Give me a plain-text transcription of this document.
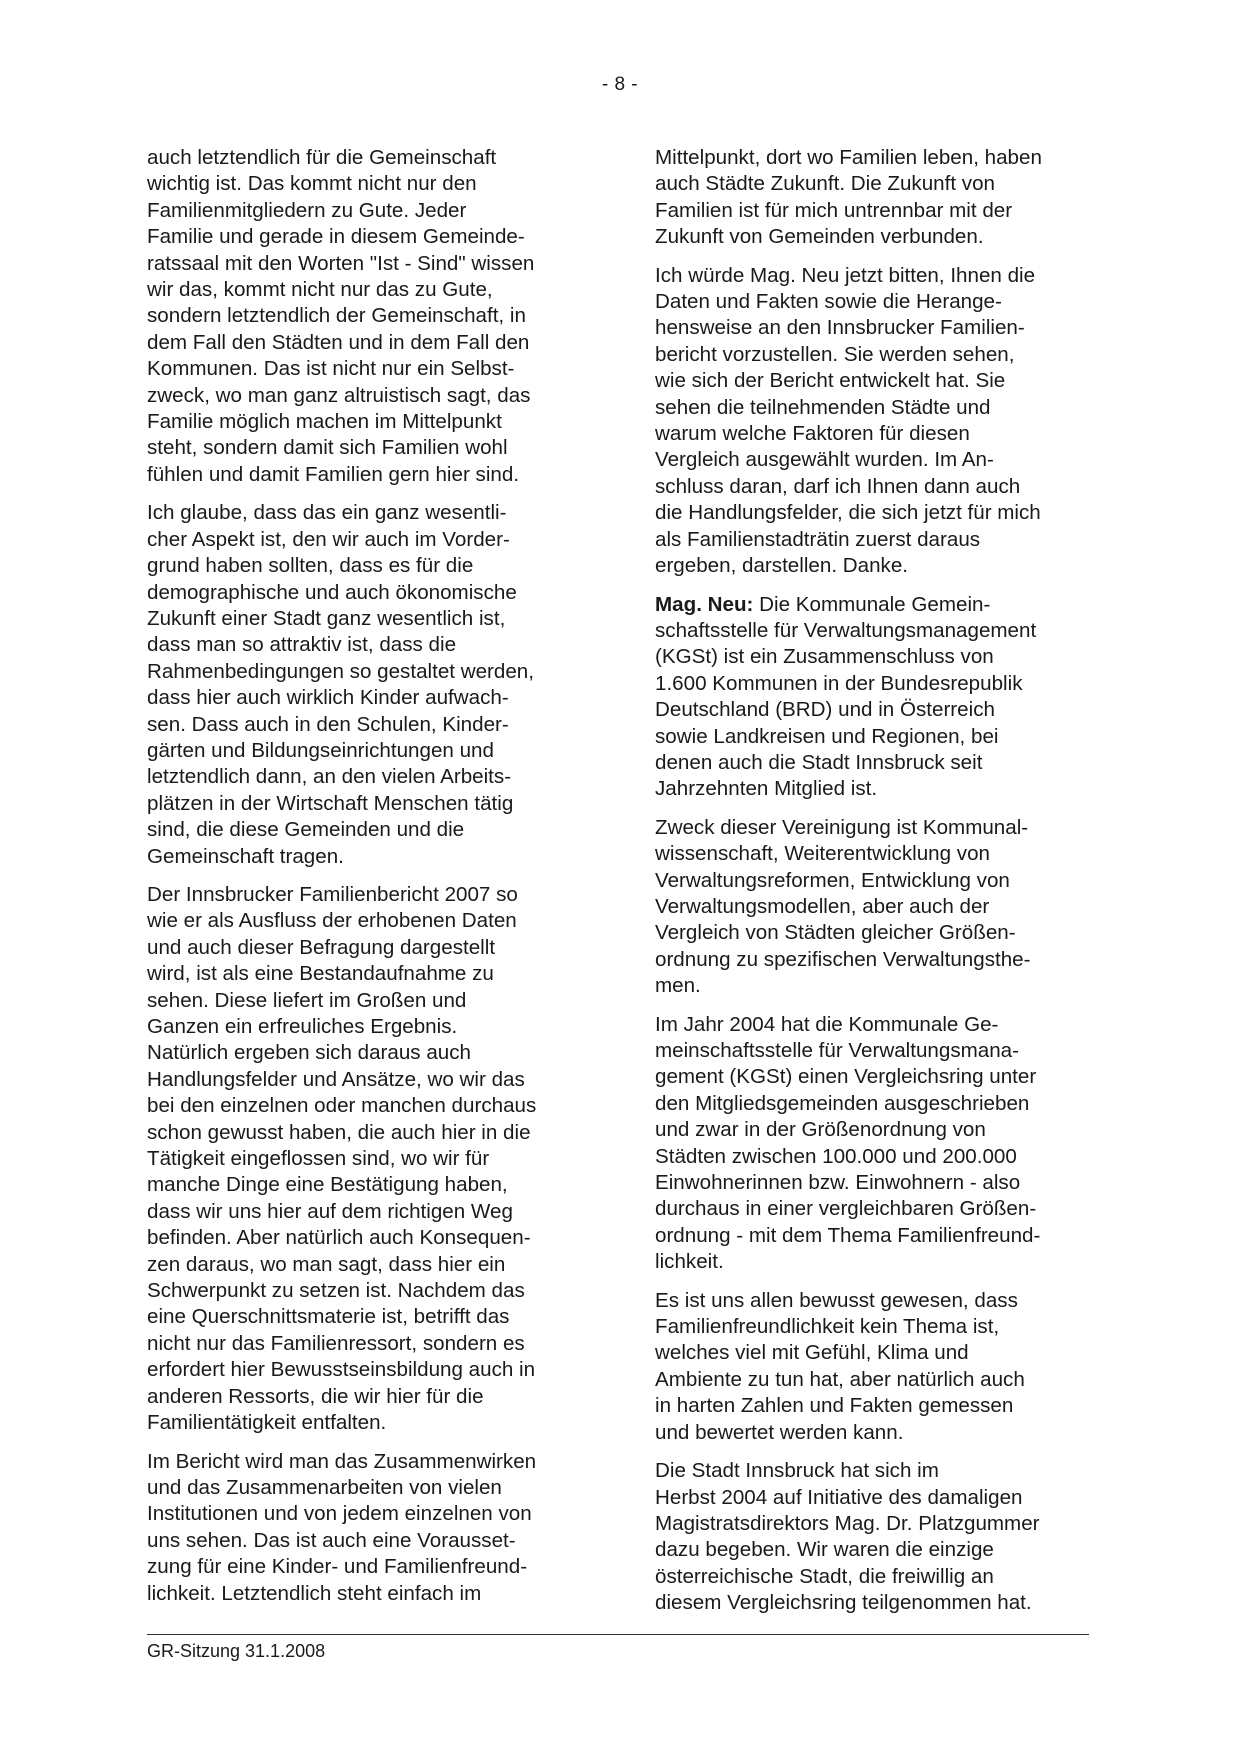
- 8 -

auch letztendlich für die Gemeinschaft
wichtig ist. Das kommt nicht nur den
Familienmitgliedern zu Gute. Jeder
Familie und gerade in diesem Gemeinde-
ratssaal mit den Worten "Ist - Sind" wissen
wir das, kommt nicht nur das zu Gute,
sondern letztendlich der Gemeinschaft, in
dem Fall den Städten und in dem Fall den
Kommunen. Das ist nicht nur ein Selbst-
zweck, wo man ganz altruistisch sagt, das
Familie möglich machen im Mittelpunkt
steht, sondern damit sich Familien wohl
fühlen und damit Familien gern hier sind.

Ich glaube, dass das ein ganz wesentli-
cher Aspekt ist, den wir auch im Vorder-
grund haben sollten, dass es für die
demographische und auch ökonomische
Zukunft einer Stadt ganz wesentlich ist,
dass man so attraktiv ist, dass die
Rahmenbedingungen so gestaltet werden,
dass hier auch wirklich Kinder aufwach-
sen. Dass auch in den Schulen, Kinder-
gärten und Bildungseinrichtungen und
letztendlich dann, an den vielen Arbeits-
plätzen in der Wirtschaft Menschen tätig
sind, die diese Gemeinden und die
Gemeinschaft tragen.

Der Innsbrucker Familienbericht 2007 so
wie er als Ausfluss der erhobenen Daten
und auch dieser Befragung dargestellt
wird, ist als eine Bestandaufnahme zu
sehen. Diese liefert im Großen und
Ganzen ein erfreuliches Ergebnis.
Natürlich ergeben sich daraus auch
Handlungsfelder und Ansätze, wo wir das
bei den einzelnen oder manchen durchaus
schon gewusst haben, die auch hier in die
Tätigkeit eingeflossen sind, wo wir für
manche Dinge eine Bestätigung haben,
dass wir uns hier auf dem richtigen Weg
befinden. Aber natürlich auch Konsequen-
zen daraus, wo man sagt, dass hier ein
Schwerpunkt zu setzen ist. Nachdem das
eine Querschnittsmaterie ist, betrifft das
nicht nur das Familienressort, sondern es
erfordert hier Bewusstseinsbildung auch in
anderen Ressorts, die wir hier für die
Familientätigkeit entfalten.

Im Bericht wird man das Zusammenwirken
und das Zusammenarbeiten von vielen
Institutionen und von jedem einzelnen von
uns sehen. Das ist auch eine Vorausset-
zung für eine Kinder- und Familienfreund-
lichkeit. Letztendlich steht einfach im

Mittelpunkt, dort wo Familien leben, haben
auch Städte Zukunft. Die Zukunft von
Familien ist für mich untrennbar mit der
Zukunft von Gemeinden verbunden.

Ich würde Mag. Neu jetzt bitten, Ihnen die
Daten und Fakten sowie die Herange-
hensweise an den Innsbrucker Familien-
bericht vorzustellen. Sie werden sehen,
wie sich der Bericht entwickelt hat. Sie
sehen die teilnehmenden Städte und
warum welche Faktoren für diesen
Vergleich ausgewählt wurden. Im An-
schluss daran, darf ich Ihnen dann auch
die Handlungsfelder, die sich jetzt für mich
als Familienstadträtin zuerst daraus
ergeben, darstellen. Danke.

Mag. Neu: Die Kommunale Gemein-
schaftsstelle für Verwaltungsmanagement
(KGSt) ist ein Zusammenschluss von
1.600 Kommunen in der Bundesrepublik
Deutschland (BRD) und in Österreich
sowie Landkreisen und Regionen, bei
denen auch die Stadt Innsbruck seit
Jahrzehnten Mitglied ist.

Zweck dieser Vereinigung ist Kommunal-
wissenschaft, Weiterentwicklung von
Verwaltungsreformen, Entwicklung von
Verwaltungsmodellen, aber auch der
Vergleich von Städten gleicher Größen-
ordnung zu spezifischen Verwaltungsthe-
men.

Im Jahr 2004 hat die Kommunale Ge-
meinschaftsstelle für Verwaltungsmana-
gement (KGSt) einen Vergleichsring unter
den Mitgliedsgemeinden ausgeschrieben
und zwar in der Größenordnung von
Städten zwischen 100.000 und 200.000
Einwohnerinnen bzw. Einwohnern - also
durchaus in einer vergleichbaren Größen-
ordnung - mit dem Thema Familienfreund-
lichkeit.

Es ist uns allen bewusst gewesen, dass
Familienfreundlichkeit kein Thema ist,
welches viel mit Gefühl, Klima und
Ambiente zu tun hat, aber natürlich auch
in harten Zahlen und Fakten gemessen
und bewertet werden kann.

Die Stadt Innsbruck hat sich im
Herbst 2004 auf Initiative des damaligen
Magistratsdirektors Mag. Dr. Platzgummer
dazu begeben. Wir waren die einzige
österreichische Stadt, die freiwillig an
diesem Vergleichsring teilgenommen hat.

GR-Sitzung 31.1.2008
